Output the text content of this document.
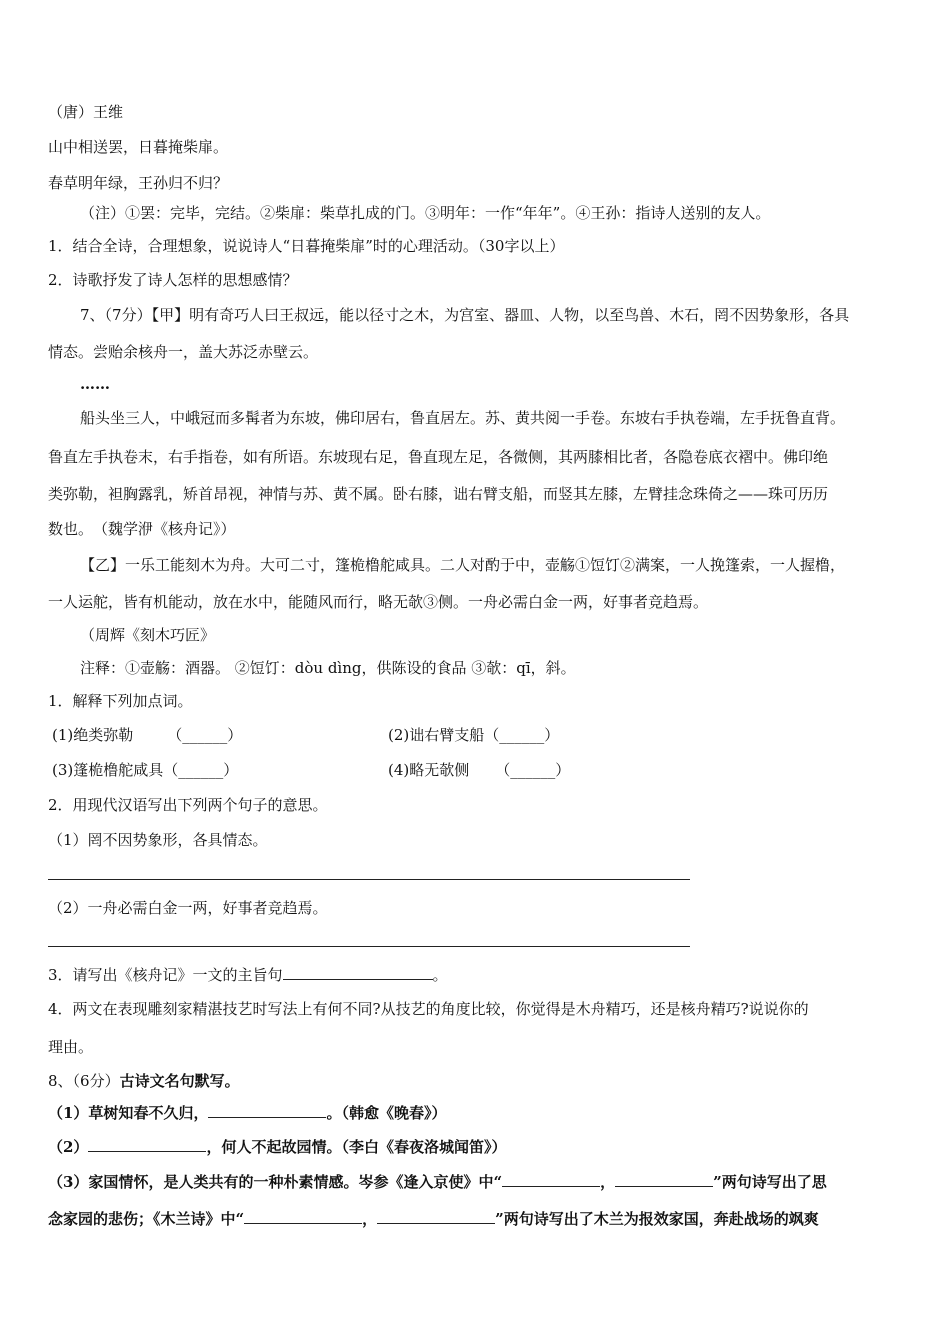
（唐）王维
山中相送罢，日暮掩柴扉。
春草明年绿，王孙归不归？
（注）①罢：完毕，完结。②柴扉：柴草扎成的门。③明年：一作“年年”。④王孙：指诗人送别的友人。
1．结合全诗，合理想象，说说诗人“日暮掩柴扉”时的心理活动。（30字以上）
2．诗歌抒发了诗人怎样的思想感情？
7、（7分）【甲】明有奇巧人曰王叔远，能以径寸之木，为宫室、器皿、人物，以至鸟兽、木石，罔不因势象形，各具
情态。尝贻余核舟一，盖大苏泛赤壁云。
……
船头坐三人，中峨冠而多髯者为东坡，佛印居右，鲁直居左。苏、黄共阅一手卷。东坡右手执卷端，左手抚鲁直背。
鲁直左手执卷末，右手指卷，如有所语。东坡现右足，鲁直现左足，各微侧，其两膝相比者，各隐卷底衣褶中。佛印绝
类弥勒，袒胸露乳，矫首昂视，神情与苏、黄不属。卧右膝，诎右臂支船，而竖其左膝，左臂挂念珠倚之——珠可历历
数也。　（魏学洢《核舟记》）
【乙】一乐工能刻木为舟。大可二寸，篷桅橹舵咸具。二人对酌于中，壶觞①饾饤②满案，一人挽篷索，一人握橹，
一人运舵，皆有机能动，放在水中，能随风而行，略无欹③侧。一舟必需白金一两，好事者竞趋焉。
（周辉《刻木巧匠》
注释：①壶觞：酒器。 ②饾饤：dòu dìng，供陈设的食品 ③欹：qī，斜。
1．解释下列加点词。
(1)绝类弥勒 （______）	(2)诎右臂支船（______）
(3)篷桅橹舵咸具（______）	(4)略无欹侧 （______）
2．用现代汉语写出下列两个句子的意思。
（1）罔不因势象形，各具情态。
（2）一舟必需白金一两，好事者竞趋焉。
3．请写出《核舟记》一文的主旨句	。
4．两文在表现雕刻家精湛技艺时写法上有何不同?从技艺的角度比较，你觉得是木舟精巧，还是核舟精巧?说说你的
理由。
8、（6分）古诗文名句默写。
（1）草树知春不久归，	。（韩愈《晚春》）
（2）	，何人不起故园情。（李白《春夜洛城闻笛》）
（3）家国情怀，是人类共有的一种朴素情感。岑参《逢入京使》中“	，	”两句诗写出了思
念家园的悲伤；《木兰诗》中“	，	”两句诗写出了木兰为报效家国，奔赴战场的飒爽
